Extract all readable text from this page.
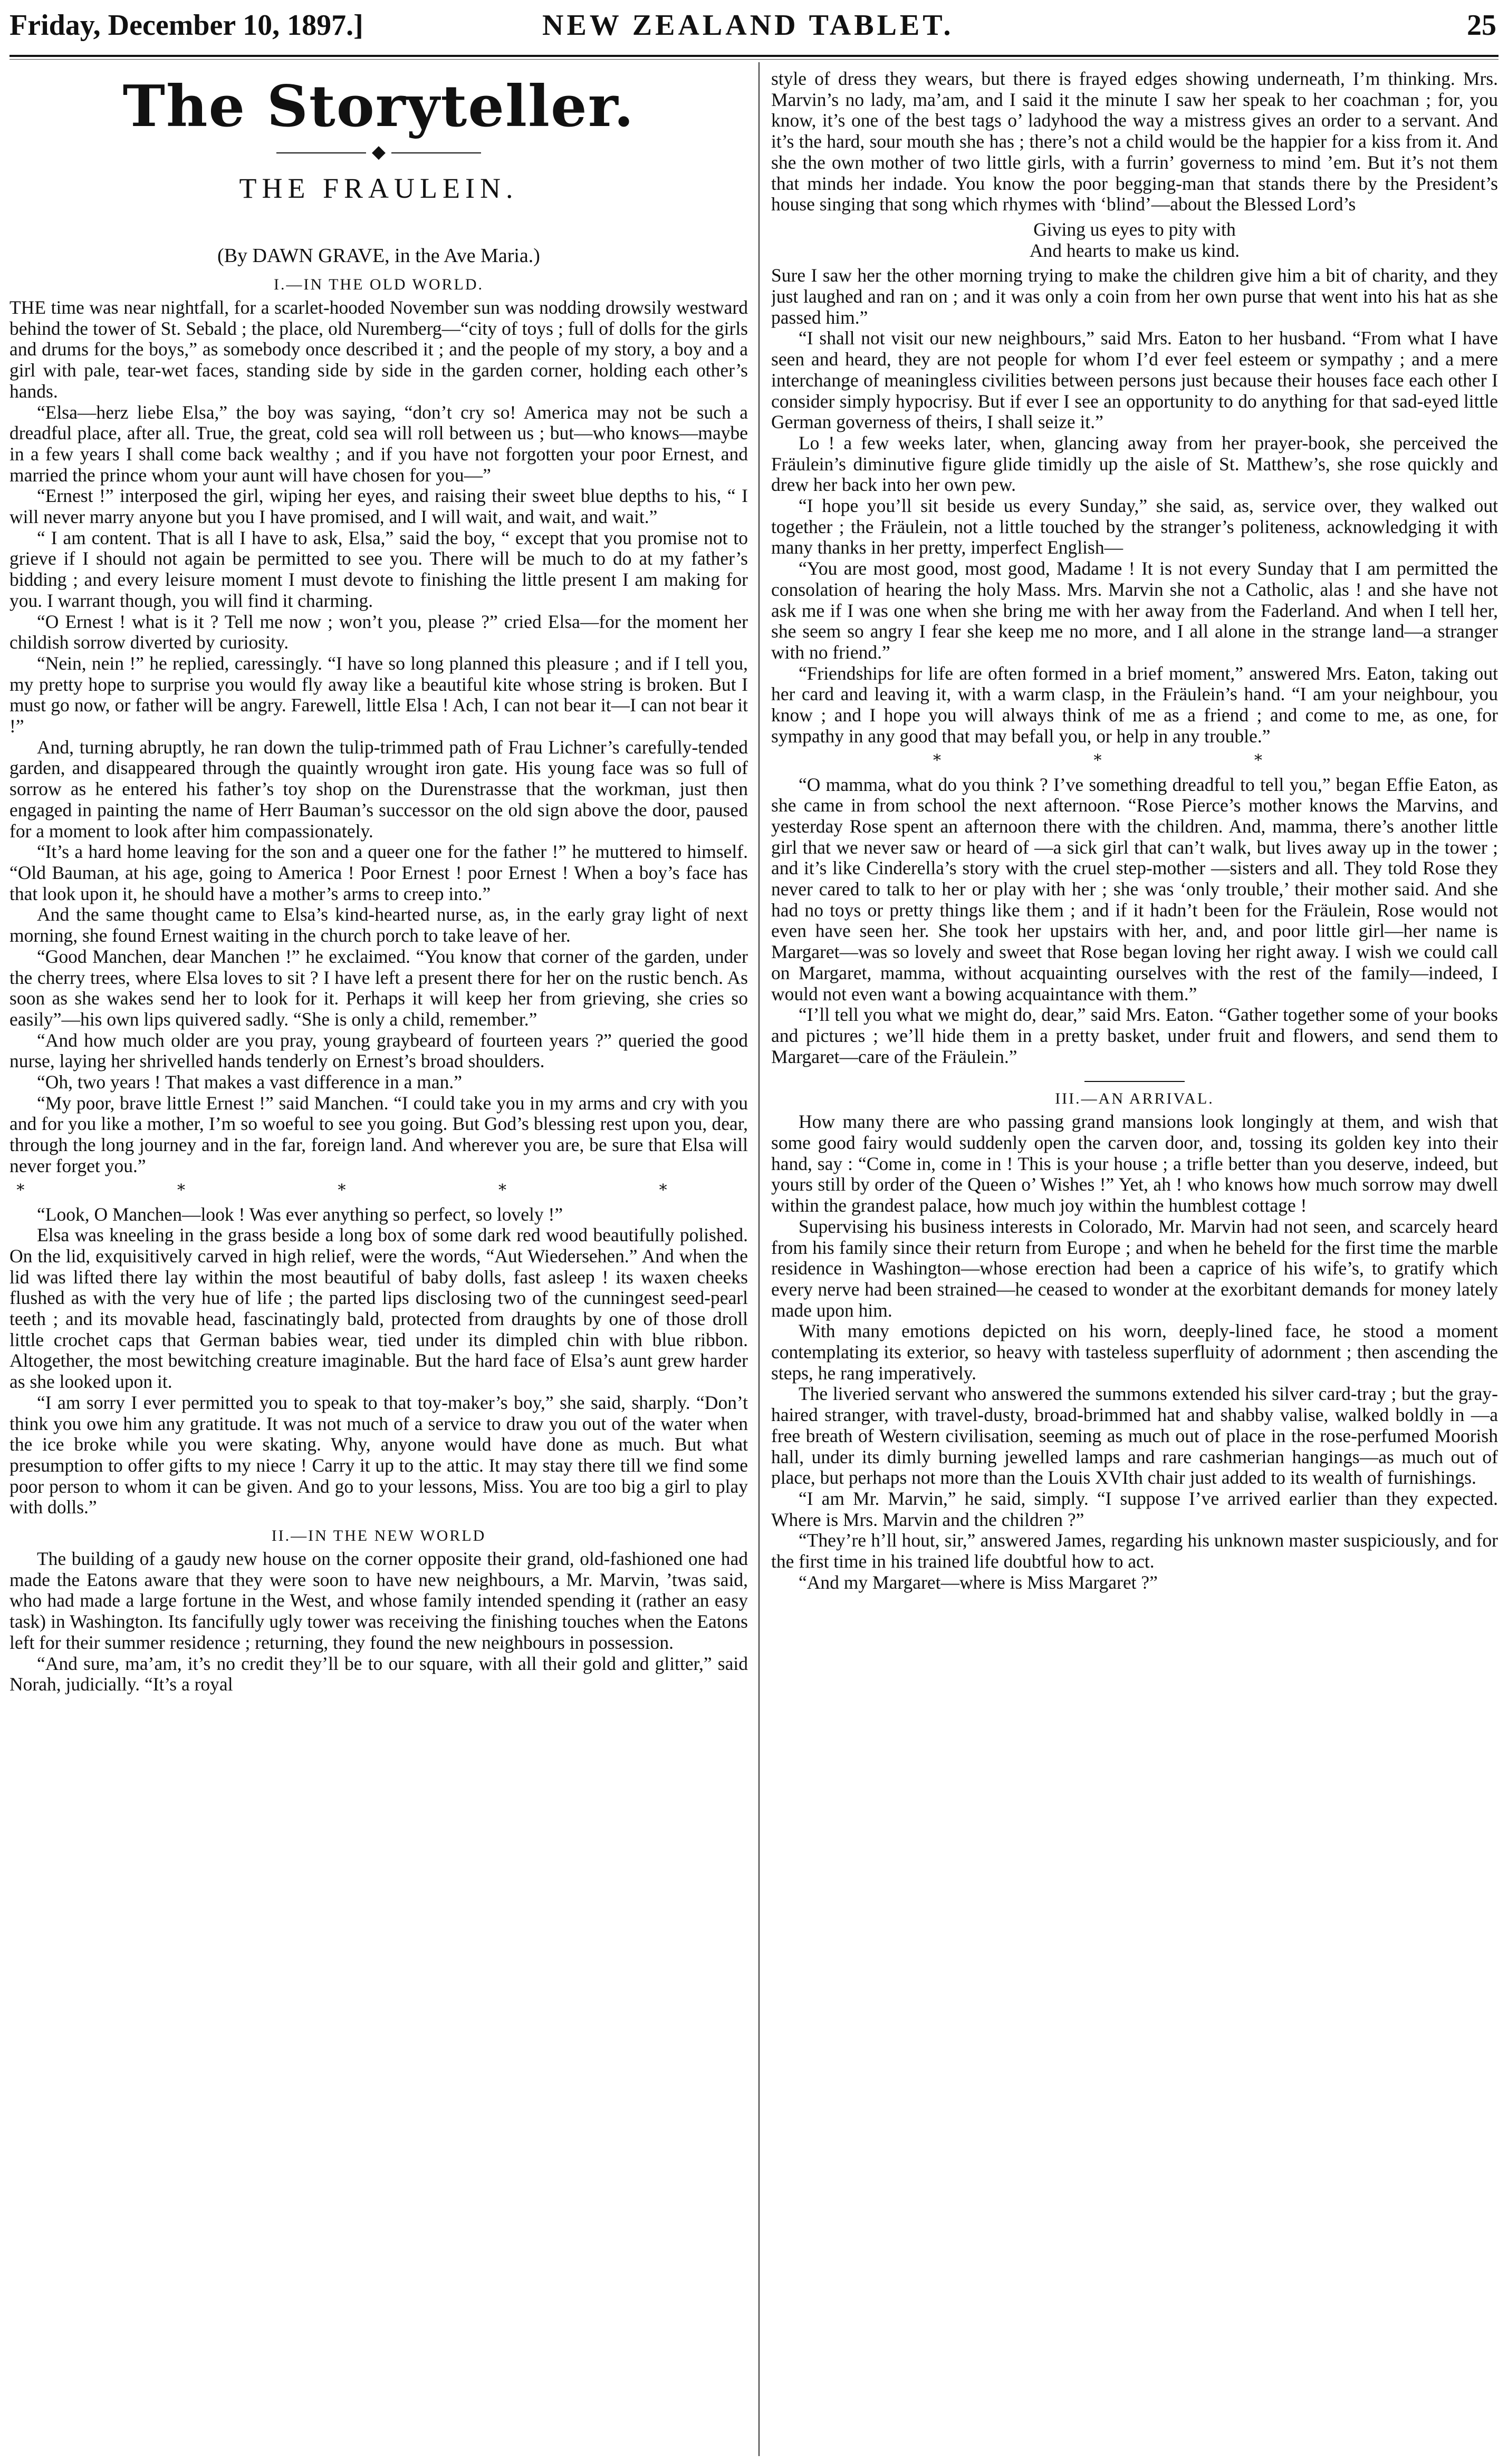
Friday, December 10, 1897.]	NEW ZEALAND TABLET.	25
The Storyteller.
◆
THE FRAULEIN.
(By DAWN GRAVE, in the Ave Maria.)
I.—IN THE OLD WORLD.

THE time was near nightfall, for a scarlet-hooded November sun was nodding drowsily westward behind the tower of St. Sebald ; the place, old Nuremberg—“city of toys ; full of dolls for the girls and drums for the boys,” as somebody once described it ; and the people of my story, a boy and a girl with pale, tear-wet faces, standing side by side in the garden corner, holding each other’s hands.

“Elsa—herz liebe Elsa,” the boy was saying, “don’t cry so! America may not be such a dreadful place, after all. True, the great, cold sea will roll between us ; but—who knows—maybe in a few years I shall come back wealthy ; and if you have not forgotten your poor Ernest, and married the prince whom your aunt will have chosen for you—”

“Ernest !” interposed the girl, wiping her eyes, and raising their sweet blue depths to his, “ I will never marry anyone but you I have promised, and I will wait, and wait, and wait.”

“ I am content. That is all I have to ask, Elsa,” said the boy, “ except that you promise not to grieve if I should not again be permitted to see you. There will be much to do at my father’s bidding ; and every leisure moment I must devote to finishing the little present I am making for you. I warrant though, you will find it charming.

“O Ernest ! what is it ? Tell me now ; won’t you, please ?” cried Elsa—for the moment her childish sorrow diverted by curiosity.

“Nein, nein !” he replied, caressingly. “I have so long planned this pleasure ; and if I tell you, my pretty hope to surprise you would fly away like a beautiful kite whose string is broken. But I must go now, or father will be angry. Farewell, little Elsa ! Ach, I can not bear it—I can not bear it !”

And, turning abruptly, he ran down the tulip-trimmed path of Frau Lichner’s carefully-tended garden, and disappeared through the quaintly wrought iron gate. His young face was so full of sorrow as he entered his father’s toy shop on the Durenstrasse that the workman, just then engaged in painting the name of Herr Bauman’s successor on the old sign above the door, paused for a moment to look after him compassionately.

“It’s a hard home leaving for the son and a queer one for the father !” he muttered to himself. “Old Bauman, at his age, going to America ! Poor Ernest ! poor Ernest ! When a boy’s face has that look upon it, he should have a mother’s arms to creep into.”

And the same thought came to Elsa’s kind-hearted nurse, as, in the early gray light of next morning, she found Ernest waiting in the church porch to take leave of her.

“Good Manchen, dear Manchen !” he exclaimed. “You know that corner of the garden, under the cherry trees, where Elsa loves to sit ? I have left a present there for her on the rustic bench. As soon as she wakes send her to look for it. Perhaps it will keep her from grieving, she cries so easily”—his own lips quivered sadly. “She is only a child, remember.”

“And how much older are you pray, young graybeard of fourteen years ?” queried the good nurse, laying her shrivelled hands tenderly on Ernest’s broad shoulders.

“Oh, two years ! That makes a vast difference in a man.”

“My poor, brave little Ernest !” said Manchen. “I could take you in my arms and cry with you and for you like a mother, I’m so woeful to see you going. But God’s blessing rest upon you, dear, through the long journey and in the far, foreign land. And wherever you are, be sure that Elsa will never forget you.”

* * * * *

“Look, O Manchen—look ! Was ever anything so perfect, so lovely !”

Elsa was kneeling in the grass beside a long box of some dark red wood beautifully polished. On the lid, exquisitively carved in high relief, were the words, “Aut Wiedersehen.” And when the lid was lifted there lay within the most beautiful of baby dolls, fast asleep ! its waxen cheeks flushed as with the very hue of life ; the parted lips disclosing two of the cunningest seed-pearl teeth ; and its movable head, fascinatingly bald, protected from draughts by one of those droll little crochet caps that German babies wear, tied under its dimpled chin with blue ribbon. Altogether, the most bewitching creature imaginable. But the hard face of Elsa’s aunt grew harder as she looked upon it.

“I am sorry I ever permitted you to speak to that toy-maker’s boy,” she said, sharply. “Don’t think you owe him any gratitude. It was not much of a service to draw you out of the water when the ice broke while you were skating. Why, anyone would have done as much. But what presumption to offer gifts to my niece ! Carry it up to the attic. It may stay there till we find some poor person to whom it can be given. And go to your lessons, Miss. You are too big a girl to play with dolls.”

II.—IN THE NEW WORLD

The building of a gaudy new house on the corner opposite their grand, old-fashioned one had made the Eatons aware that they were soon to have new neighbours, a Mr. Marvin, ’twas said, who had made a large fortune in the West, and whose family intended spending it (rather an easy task) in Washington. Its fancifully ugly tower was receiving the finishing touches when the Eatons left for their summer residence ; returning, they found the new neighbours in possession.

“And sure, ma’am, it’s no credit they’ll be to our square, with all their gold and glitter,” said Norah, judicially. “It’s a royal

style of dress they wears, but there is frayed edges showing underneath, I’m thinking. Mrs. Marvin’s no lady, ma’am, and I said it the minute I saw her speak to her coachman ; for, you know, it’s one of the best tags o’ ladyhood the way a mistress gives an order to a servant. And it’s the hard, sour mouth she has ; there’s not a child would be the happier for a kiss from it. And she the own mother of two little girls, with a furrin’ governess to mind ’em. But it’s not them that minds her indade. You know the poor begging-man that stands there by the President’s house singing that song which rhymes with ‘blind’—about the Blessed Lord’s

Giving us eyes to pity with
And hearts to make us kind.

Sure I saw her the other morning trying to make the children give him a bit of charity, and they just laughed and ran on ; and it was only a coin from her own purse that went into his hat as she passed him.”

“I shall not visit our new neighbours,” said Mrs. Eaton to her husband. “From what I have seen and heard, they are not people for whom I’d ever feel esteem or sympathy ; and a mere interchange of meaningless civilities between persons just because their houses face each other I consider simply hypocrisy. But if ever I see an opportunity to do anything for that sad-eyed little German governess of theirs, I shall seize it.”

Lo ! a few weeks later, when, glancing away from her prayer-book, she perceived the Fräulein’s diminutive figure glide timidly up the aisle of St. Matthew’s, she rose quickly and drew her back into her own pew.

“I hope you’ll sit beside us every Sunday,” she said, as, service over, they walked out together ; the Fräulein, not a little touched by the stranger’s politeness, acknowledging it with many thanks in her pretty, imperfect English—

“You are most good, most good, Madame ! It is not every Sunday that I am permitted the consolation of hearing the holy Mass. Mrs. Marvin she not a Catholic, alas ! and she have not ask me if I was one when she bring me with her away from the Faderland. And when I tell her, she seem so angry I fear she keep me no more, and I all alone in the strange land—a stranger with no friend.”

“Friendships for life are often formed in a brief moment,” answered Mrs. Eaton, taking out her card and leaving it, with a warm clasp, in the Fräulein’s hand. “I am your neighbour, you know ; and I hope you will always think of me as a friend ; and come to me, as one, for sympathy in any good that may befall you, or help in any trouble.”

* * *

“O mamma, what do you think ? I’ve something dreadful to tell you,” began Effie Eaton, as she came in from school the next afternoon. “Rose Pierce’s mother knows the Marvins, and yesterday Rose spent an afternoon there with the children. And, mamma, there’s another little girl that we never saw or heard of —a sick girl that can’t walk, but lives away up in the tower ; and it’s like Cinderella’s story with the cruel step-mother —sisters and all. They told Rose they never cared to talk to her or play with her ; she was ‘only trouble,’ their mother said. And she had no toys or pretty things like them ; and if it hadn’t been for the Fräulein, Rose would not even have seen her. She took her upstairs with her, and, and poor little girl—her name is Margaret—was so lovely and sweet that Rose began loving her right away. I wish we could call on Margaret, mamma, without acquainting ourselves with the rest of the family—indeed, I would not even want a bowing acquaintance with them.”

“I’ll tell you what we might do, dear,” said Mrs. Eaton. “Gather together some of your books and pictures ; we’ll hide them in a pretty basket, under fruit and flowers, and send them to Margaret—care of the Fräulein.”

III.—AN ARRIVAL.

How many there are who passing grand mansions look longingly at them, and wish that some good fairy would suddenly open the carven door, and, tossing its golden key into their hand, say : “Come in, come in ! This is your house ; a trifle better than you deserve, indeed, but yours still by order of the Queen o’ Wishes !” Yet, ah ! who knows how much sorrow may dwell within the grandest palace, how much joy within the humblest cottage !

Supervising his business interests in Colorado, Mr. Marvin had not seen, and scarcely heard from his family since their return from Europe ; and when he beheld for the first time the marble residence in Washington—whose erection had been a caprice of his wife’s, to gratify which every nerve had been strained—he ceased to wonder at the exorbitant demands for money lately made upon him.

With many emotions depicted on his worn, deeply-lined face, he stood a moment contemplating its exterior, so heavy with tasteless superfluity of adornment ; then ascending the steps, he rang imperatively.

The liveried servant who answered the summons extended his silver card-tray ; but the gray-haired stranger, with travel-dusty, broad-brimmed hat and shabby valise, walked boldly in —a free breath of Western civilisation, seeming as much out of place in the rose-perfumed Moorish hall, under its dimly burning jewelled lamps and rare cashmerian hangings—as much out of place, but perhaps not more than the Louis XVIth chair just added to its wealth of furnishings.

“I am Mr. Marvin,” he said, simply. “I suppose I’ve arrived earlier than they expected. Where is Mrs. Marvin and the children ?”

“They’re h’ll hout, sir,” answered James, regarding his unknown master suspiciously, and for the first time in his trained life doubtful how to act.

“And my Margaret—where is Miss Margaret ?”
